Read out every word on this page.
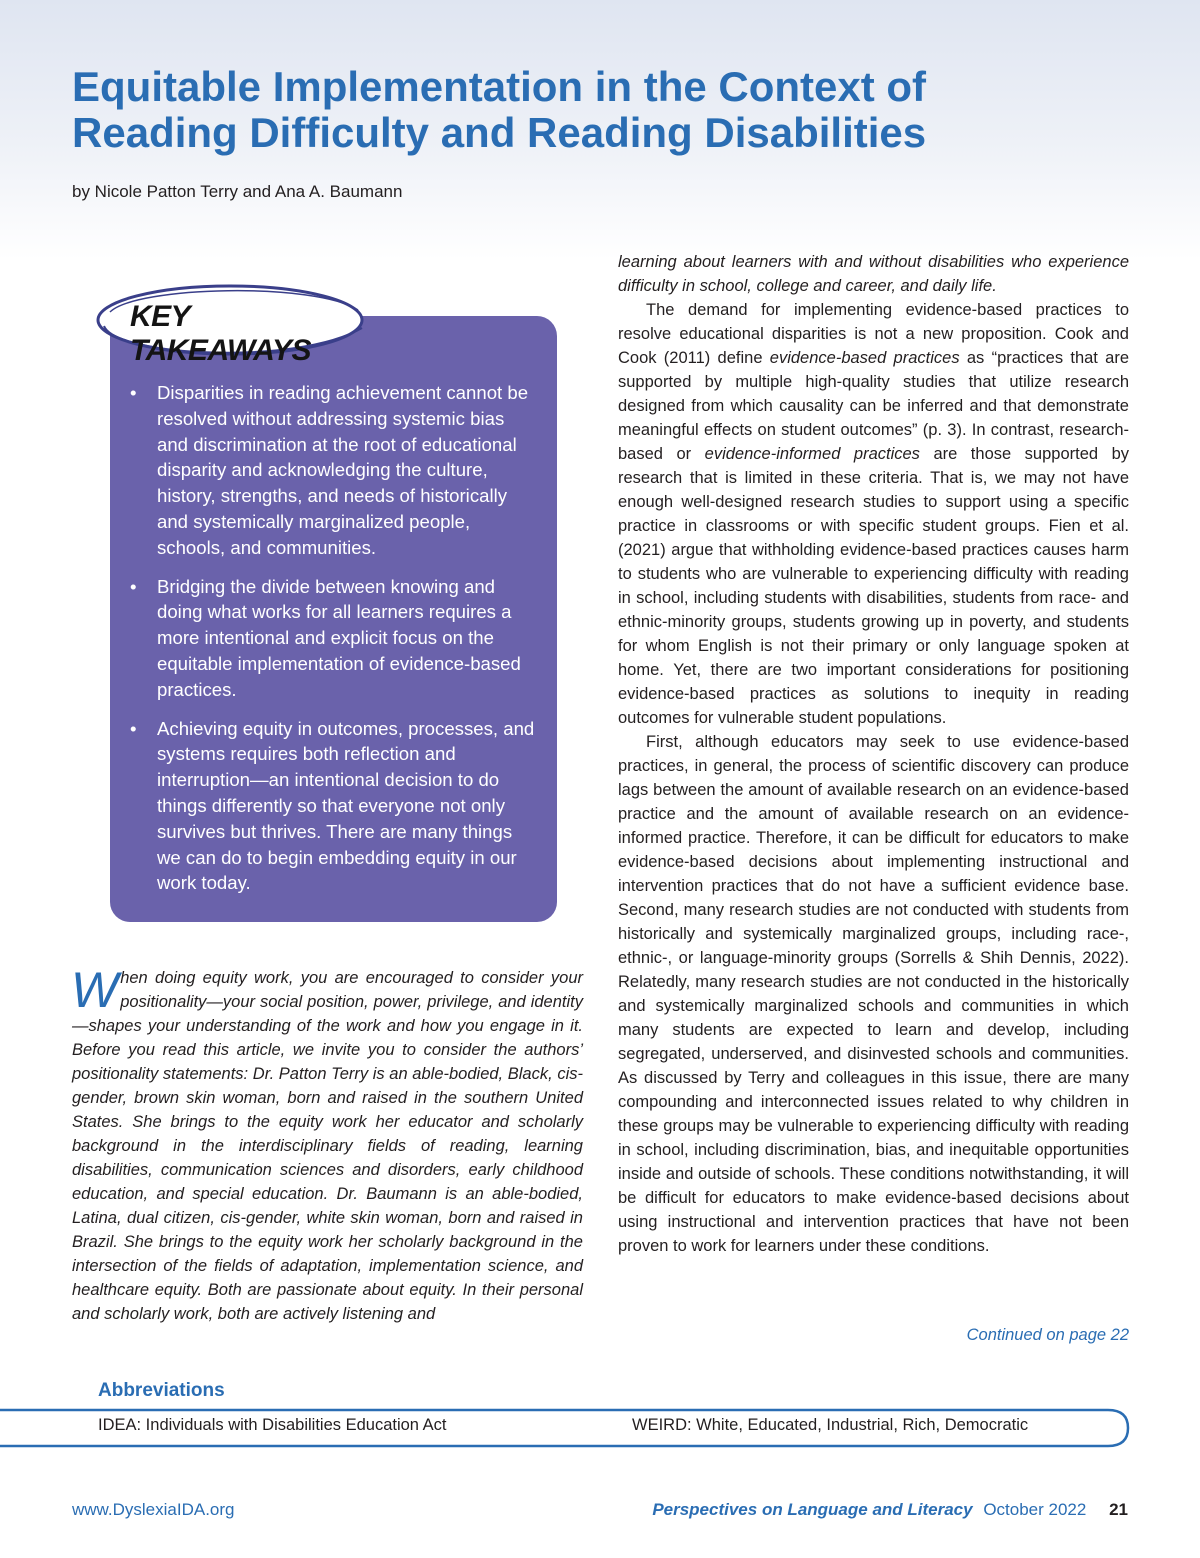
Equitable Implementation in the Context of
Reading Difficulty and Reading Disabilities
by Nicole Patton Terry and Ana A. Baumann
KEY TAKEAWAYS
• Disparities in reading achievement cannot be resolved without addressing systemic bias and discrimination at the root of educational disparity and acknowledging the culture, history, strengths, and needs of historically and systemically marginalized people, schools, and communities.
• Bridging the divide between knowing and doing what works for all learners requires a more intentional and explicit focus on the equitable implementation of evidence-based practices.
• Achieving equity in outcomes, processes, and systems requires both reflection and interruption—an intentional decision to do things differently so that everyone not only survives but thrives. There are many things we can do to begin embedding equity in our work today.

When doing equity work, you are encouraged to consider your positionality—your social position, power, privilege, and identity—shapes your understanding of the work and how you engage in it. Before you read this article, we invite you to consider the authors’ positionality statements: Dr. Patton Terry is an able-bodied, Black, cis-gender, brown skin woman, born and raised in the southern United States. She brings to the equity work her educator and scholarly background in the interdisciplinary fields of reading, learning disabilities, communication sciences and disorders, early childhood education, and special education. Dr. Baumann is an able-bodied, Latina, dual citizen, cis-gender, white skin woman, born and raised in Brazil. She brings to the equity work her scholarly background in the intersection of the fields of adaptation, implementation science, and healthcare equity. Both are passionate about equity. In their personal and scholarly work, both are actively listening and

learning about learners with and without disabilities who experience difficulty in school, college and career, and daily life.

The demand for implementing evidence-based practices to resolve educational disparities is not a new proposition. Cook and Cook (2011) define evidence-based practices as “practices that are supported by multiple high-quality studies that utilize research designed from which causality can be inferred and that demonstrate meaningful effects on student outcomes” (p. 3). In contrast, research-based or evidence-informed practices are those supported by research that is limited in these criteria. That is, we may not have enough well-designed research studies to support using a specific practice in classrooms or with specific student groups. Fien et al. (2021) argue that withholding evidence-based practices causes harm to students who are vulnerable to experiencing difficulty with reading in school, including students with disabilities, students from race- and ethnic-minority groups, students growing up in poverty, and students for whom English is not their primary or only language spoken at home. Yet, there are two important considerations for positioning evidence-based practices as solutions to inequity in reading outcomes for vulnerable student populations.

First, although educators may seek to use evidence-based practices, in general, the process of scientific discovery can produce lags between the amount of available research on an evidence-based practice and the amount of available research on an evidence-informed practice. Therefore, it can be difficult for educators to make evidence-based decisions about implementing instructional and intervention practices that do not have a sufficient evidence base. Second, many research studies are not conducted with students from historically and systemically marginalized groups, including race-, ethnic-, or language-minority groups (Sorrells & Shih Dennis, 2022). Relatedly, many research studies are not conducted in the historically and systemically marginalized schools and communities in which many students are expected to learn and develop, including segregated, underserved, and disinvested schools and communities. As discussed by Terry and colleagues in this issue, there are many compounding and interconnected issues related to why children in these groups may be vulnerable to experiencing difficulty with reading in school, including discrimination, bias, and inequitable opportunities inside and outside of schools. These conditions notwithstanding, it will be difficult for educators to make evidence-based decisions about using instructional and intervention practices that have not been proven to work for learners under these conditions.

Continued on page 22
Abbreviations
IDEA: Individuals with Disabilities Education Act	WEIRD: White, Educated, Industrial, Rich, Democratic
www.DyslexiaIDA.org	Perspectives on Language and Literacy October 2022 21
